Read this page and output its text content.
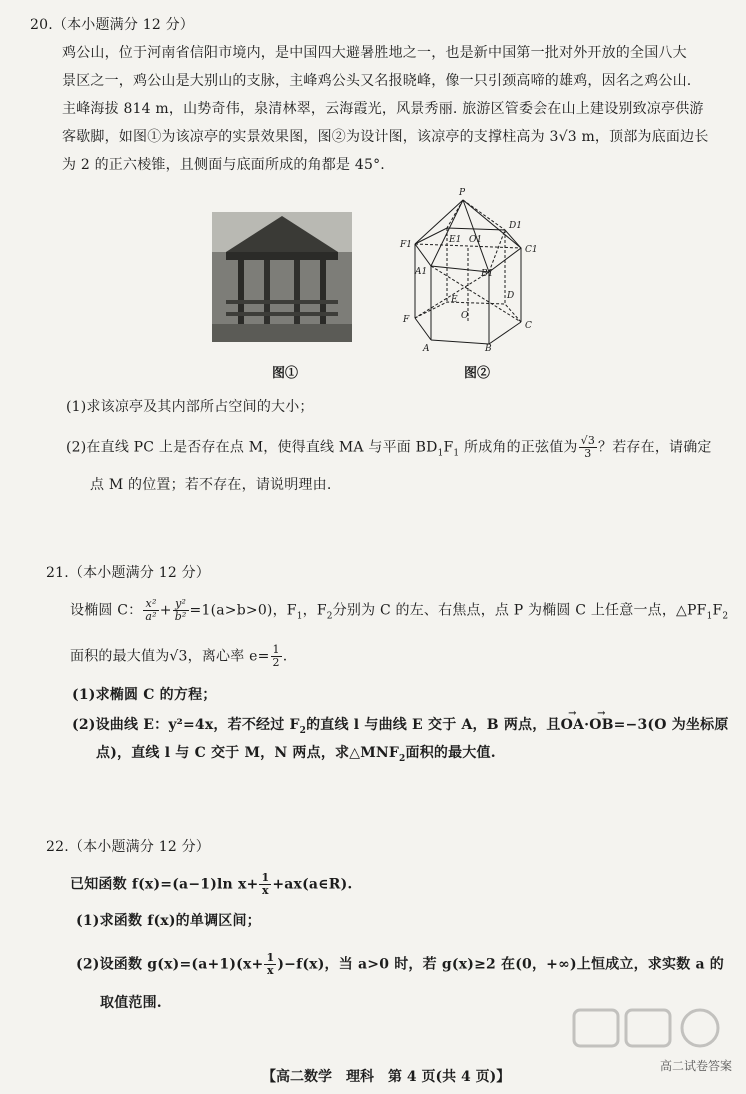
20.（本小题满分 12 分）
鸡公山，位于河南省信阳市境内，是中国四大避暑胜地之一，也是新中国第一批对外开放的全国八大
景区之一，鸡公山是大别山的支脉，主峰鸡公头又名报晓峰，像一只引颈高啼的雄鸡，因名之鸡公山.
主峰海拔 814 m，山势奇伟，泉清林翠，云海霞光，风景秀丽. 旅游区管委会在山上建设别致凉亭供游
客歇脚，如图①为该凉亭的实景效果图，图②为设计图，该凉亭的支撑柱高为 3√3 m，顶部为底面边长
为 2 的正六棱锥，且侧面与底面所成的角都是 45°.
P
D1
F1	E1 O1
C1
A1	B1
E	D
F	O
C
A	B
图①	图②
(1)求该凉亭及其内部所占空间的大小；
(2)在直线 PC 上是否存在点 M，使得直线 MA 与平面 $BD_1F_1$ 所成角的正弦值为 $\frac{√3}{3}$ ？若存在，请确定
点 M 的位置；若不存在，请说明理由.
21.（本小题满分 12 分）
设椭圆 C： $\frac{\text{x²}}{\text{a²}} + \frac{\text{y²}}{\text{b²}} =1(a>b>0)$，$F_1$，$F_2$分别为 C 的左、右焦点，点 P 为椭圆 C 上任意一点，$\triangle PF_1F_2$
面积的最大值为√3，离心率 $e= \frac{1}{2}$ .
(1)求椭圆 C 的方程；
(2)设曲线 E：y²=4x，若不经过 $F_2$的直线 l 与曲线 E 交于 A，B 两点，且→ OA·→ OB=−3(O 为坐标原
点)，直线 l 与 C 交于 M，N 两点，求$\triangle MNF_2$面积的最大值.
22.（本小题满分 12 分）
已知函数 f(x)=(a−1)ln $x+ \frac{1}{x}$ +ax(a∈R).
(1)求函数 f(x)的单调区间；
(2)设函数 $g(x)=(a+1)(x+ \frac{1}{x} )-f(x)$，当 a>0 时，若 g(x)≥2 在(0，+∞)上恒成立，求实数 a 的
取值范围.
高二试卷答案
【高二数学　理科　第 4 页(共 4 页)】
